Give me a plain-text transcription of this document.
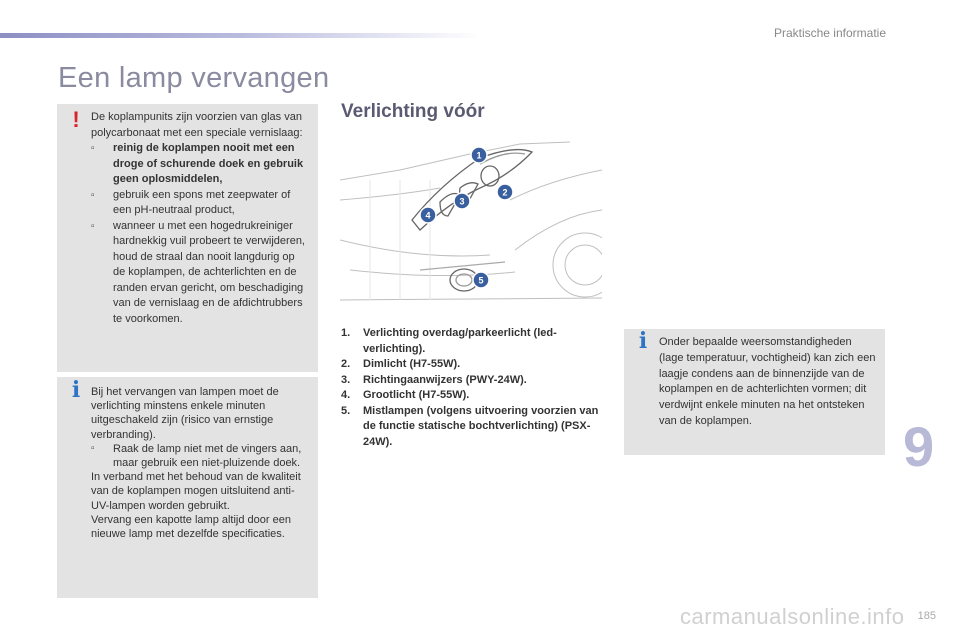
Praktische informatie
Een lamp vervangen
!	De koplampunits zijn voorzien van glas van polycarbonaat met een speciale vernislaag:
▫ reinig de koplampen nooit met een droge of schurende doek en gebruik geen oplosmiddelen,
▫ gebruik een spons met zeepwater of een pH-neutraal product,
▫ wanneer u met een hogedrukreiniger hardnekkig vuil probeert te verwijderen, houd de straal dan nooit langdurig op de koplampen, de achterlichten en de randen ervan gericht, om beschadiging van de vernislaag en de afdichtrubbers te voorkomen.
i Bij het vervangen van lampen moet de verlichting minstens enkele minuten uitgeschakeld zijn (risico van ernstige verbranding).
▫ Raak de lamp niet met de vingers aan, maar gebruik een niet-pluizende doek.
In verband met het behoud van de kwaliteit van de koplampen mogen uitsluitend anti-UV-lampen worden gebruikt.
Vervang een kapotte lamp altijd door een nieuwe lamp met dezelfde specificaties.
Verlichting vóór
1
2
3
4
5
1. Verlichting overdag/parkeerlicht (led-verlichting).
2. Dimlicht (H7-55W).
3. Richtingaanwijzers (PWY-24W).
4. Grootlicht (H7-55W).
5. Mistlampen (volgens uitvoering voorzien van de functie statische bochtverlichting) (PSX-24W).
i Onder bepaalde weersomstandigheden (lage temperatuur, vochtigheid) kan zich een laagje condens aan de binnenzijde van de koplampen en de achterlichten vormen; dit verdwijnt enkele minuten na het ontsteken van de koplampen.	9
carmanualsonline.info 185
